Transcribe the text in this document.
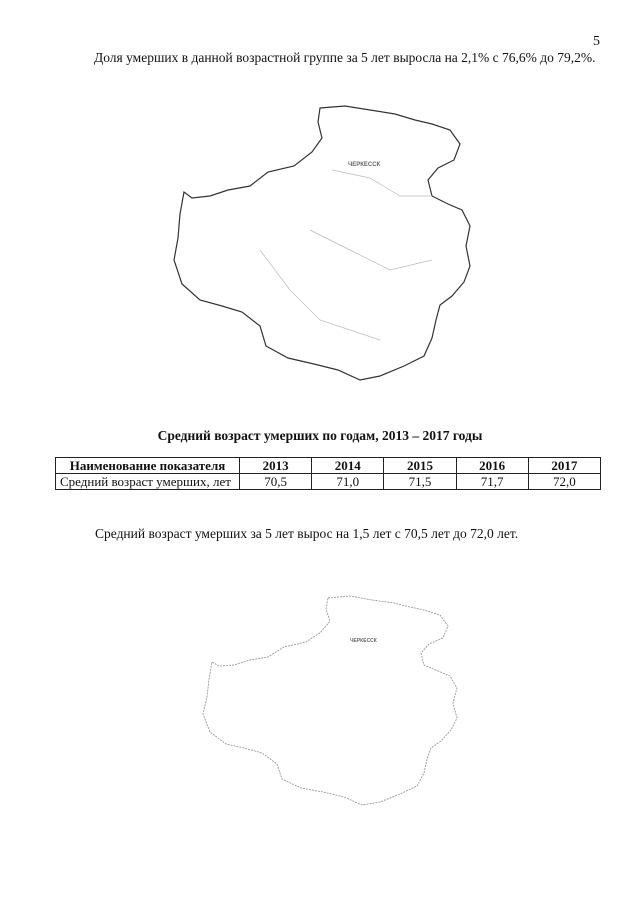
5
Доля умерших в данной возрастной группе за 5 лет выросла на 2,1% с 76,6% до 79,2%.
ЧЕРКЕССК
Средний возраст умерших по годам, 2013 – 2017 годы
Наименование показателя	2013	2014	2015	2016	2017
Средний возраст умерших, лет	70,5	71,0	71,5	71,7	72,0
Средний возраст умерших за 5 лет вырос на 1,5 лет с 70,5 лет до 72,0 лет.
ЧЕРКЕССК
